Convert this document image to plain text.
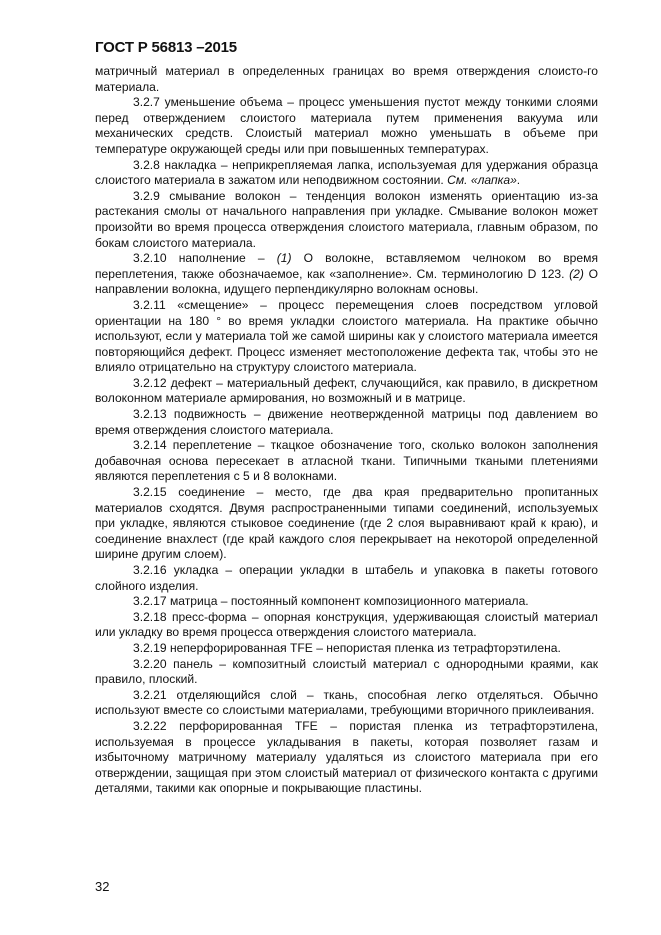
ГОСТ Р 56813 –2015

матричный материал в определенных границах во время отверждения слоисто-го материала.

3.2.7 уменьшение объема – процесс уменьшения пустот между тонкими слоями перед отверждением слоистого материала путем применения вакуума или механических средств. Слоистый материал можно уменьшать в объеме при температуре окружающей среды или при повышенных температурах.

3.2.8 накладка – неприкрепляемая лапка, используемая для удержания образца слоистого материала в зажатом или неподвижном состоянии. См. «лапка».

3.2.9 смывание волокон – тенденция волокон изменять ориентацию из-за растекания смолы от начального направления при укладке. Смывание волокон может произойти во время процесса отверждения слоистого материала, главным образом, по бокам слоистого материала.

3.2.10 наполнение – (1) О волокне, вставляемом челноком во время переплетения, также обозначаемое, как «заполнение». См. терминологию D 123. (2) О направлении волокна, идущего перпендикулярно волокнам основы.

3.2.11 «смещение» – процесс перемещения слоев посредством угловой ориентации на 180 ° во время укладки слоистого материала. На практике обычно используют, если у материала той же самой ширины как у слоистого материала имеется повторяющийся дефект. Процесс изменяет местоположение дефекта так, чтобы это не влияло отрицательно на структуру слоистого материала.

3.2.12 дефект – материальный дефект, случающийся, как правило, в дискретном волоконном материале армирования, но возможный и в матрице.

3.2.13 подвижность – движение неотвержденной матрицы под давлением во время отверждения слоистого материала.

3.2.14 переплетение – ткацкое обозначение того, сколько волокон заполнения добавочная основа пересекает в атласной ткани. Типичными ткаными плетениями являются переплетения с 5 и 8 волокнами.

3.2.15 соединение – место, где два края предварительно пропитанных материалов сходятся. Двумя распространенными типами соединений, используемых при укладке, являются стыковое соединение (где 2 слоя выравнивают край к краю), и соединение внахлест (где край каждого слоя перекрывает на некоторой определенной ширине другим слоем).

3.2.16 укладка – операции укладки в штабель и упаковка в пакеты готового слойного изделия.

3.2.17 матрица – постоянный компонент композиционного материала.

3.2.18 пресс-форма – опорная конструкция, удерживающая слоистый материал или укладку во время процесса отверждения слоистого материала.

3.2.19 неперфорированная TFE – непористая пленка из тетрафторэтилена.

3.2.20 панель – композитный слоистый материал с однородными краями, как правило, плоский.

3.2.21 отделяющийся слой – ткань, способная легко отделяться. Обычно используют вместе со слоистыми материалами, требующими вторичного приклеивания.

3.2.22 перфорированная TFE – пористая пленка из тетрафторэтилена, используемая в процессе укладывания в пакеты, которая позволяет газам и избыточному матричному материалу удаляться из слоистого материала при его отверждении, защищая при этом слоистый материал от физического контакта с другими деталями, такими как опорные и покрывающие пластины.

32
